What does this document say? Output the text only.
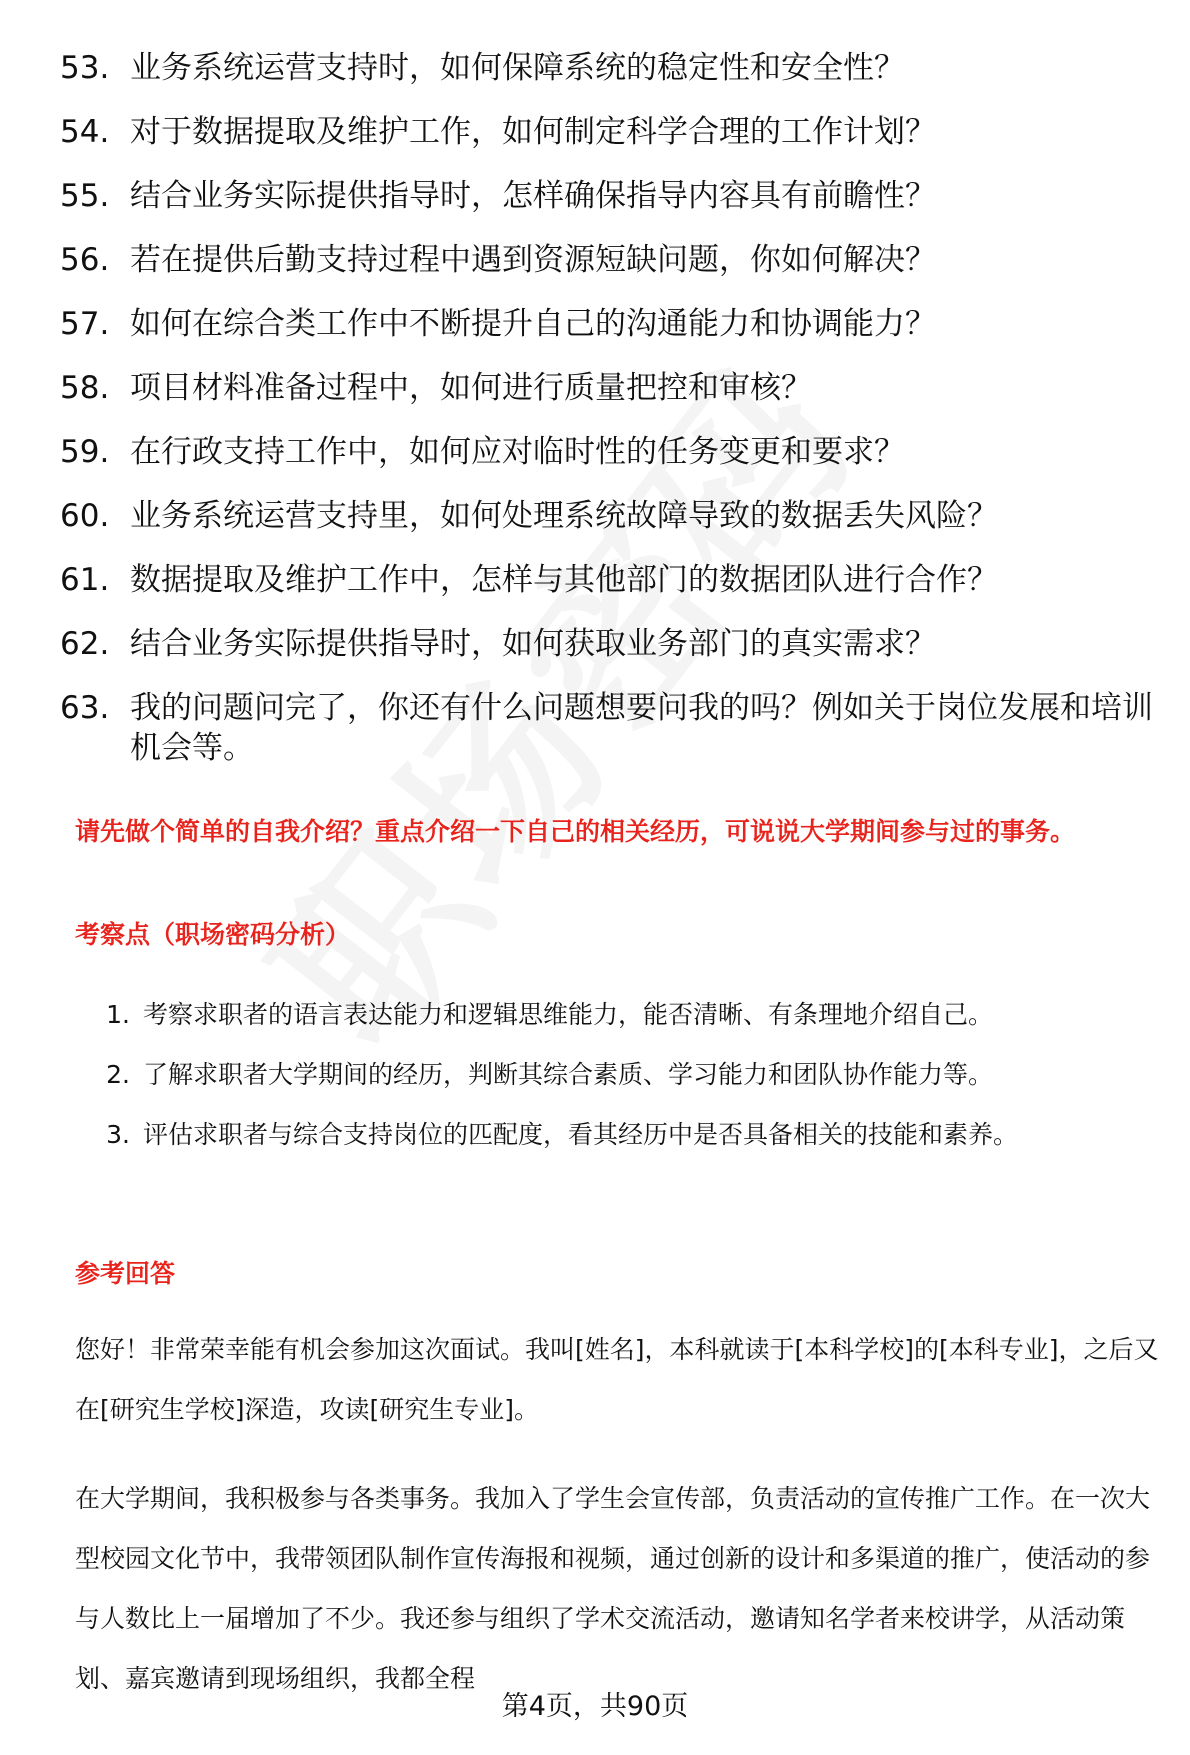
53. 业务系统运营支持时，如何保障系统的稳定性和安全性？
54. 对于数据提取及维护工作，如何制定科学合理的工作计划？
55. 结合业务实际提供指导时，怎样确保指导内容具有前瞻性？
56. 若在提供后勤支持过程中遇到资源短缺问题，你如何解决？
57. 如何在综合类工作中不断提升自己的沟通能力和协调能力？
58. 项目材料准备过程中，如何进行质量把控和审核？
59. 在行政支持工作中，如何应对临时性的任务变更和要求？
60. 业务系统运营支持里，如何处理系统故障导致的数据丢失风险？
61. 数据提取及维护工作中，怎样与其他部门的数据团队进行合作？
62. 结合业务实际提供指导时，如何获取业务部门的真实需求？
63. 我的问题问完了，你还有什么问题想要问我的吗？例如关于岗位发展和培训机会等。

请先做个简单的自我介绍？重点介绍一下自己的相关经历，可说说大学期间参与过的事务。

考察点（职场密码分析）

1. 考察求职者的语言表达能力和逻辑思维能力，能否清晰、有条理地介绍自己。
2. 了解求职者大学期间的经历，判断其综合素质、学习能力和团队协作能力等。
3. 评估求职者与综合支持岗位的匹配度，看其经历中是否具备相关的技能和素养。

参考回答

您好！非常荣幸能有机会参加这次面试。我叫[姓名]，本科就读于[本科学校]的[本科专业]，之后又在[研究生学校]深造，攻读[研究生专业]。

在大学期间，我积极参与各类事务。我加入了学生会宣传部，负责活动的宣传推广工作。在一次大型校园文化节中，我带领团队制作宣传海报和视频，通过创新的设计和多渠道的推广，使活动的参与人数比上一届增加了不少。我还参与组织了学术交流活动，邀请知名学者来校讲学，从活动策划、嘉宾邀请到现场组织，我都全程

第4页，共90页
